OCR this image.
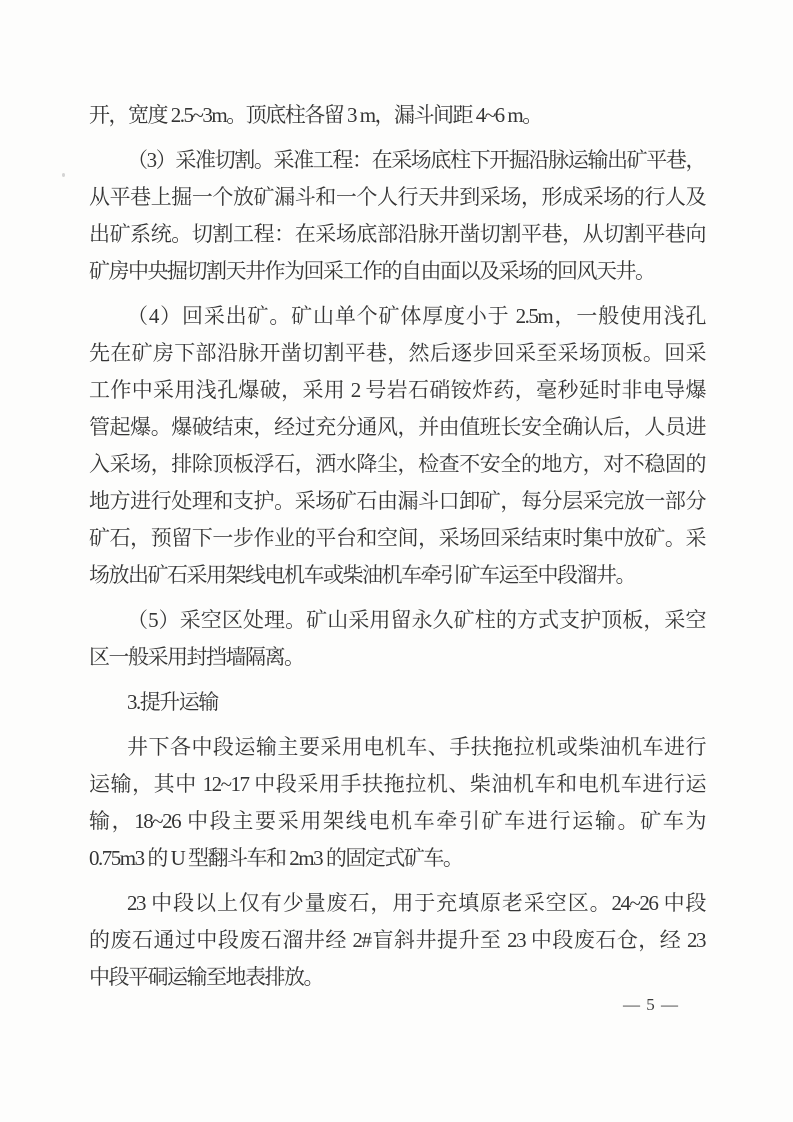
开，宽度 2.5~3m。顶底柱各留 3 m，漏斗间距 4~6 m。
（3）采准切割。采准工程：在采场底柱下开掘沿脉运输出矿平巷，
从平巷上掘一个放矿漏斗和一个人行天井到采场，形成采场的行人及
出矿系统。切割工程：在采场底部沿脉开凿切割平巷，从切割平巷向
矿房中央掘切割天井作为回采工作的自由面以及采场的回风天井。
（4）回采出矿。矿山单个矿体厚度小于 2.5m，一般使用浅孔
先在矿房下部沿脉开凿切割平巷，然后逐步回采至采场顶板。回采
工作中采用浅孔爆破，采用 2 号岩石硝铵炸药，毫秒延时非电导爆
管起爆。爆破结束，经过充分通风，并由值班长安全确认后，人员进
入采场，排除顶板浮石，洒水降尘，检查不安全的地方，对不稳固的
地方进行处理和支护。采场矿石由漏斗口卸矿，每分层采完放一部分
矿石，预留下一步作业的平台和空间，采场回采结束时集中放矿。采
场放出矿石采用架线电机车或柴油机车牵引矿车运至中段溜井。
（5）采空区处理。矿山采用留永久矿柱的方式支护顶板，采空
区一般采用封挡墙隔离。
3.提升运输
井下各中段运输主要采用电机车、手扶拖拉机或柴油机车进行
运输，其中 12~17 中段采用手扶拖拉机、柴油机车和电机车进行运
输，18~26 中段主要采用架线电机车牵引矿车进行运输。矿车为
0.75m3 的 U 型翻斗车和 2m3 的固定式矿车。
23 中段以上仅有少量废石，用于充填原老采空区。24~26 中段
的废石通过中段废石溜井经 2#盲斜井提升至 23 中段废石仓，经 23
中段平硐运输至地表排放。
— 5 —
